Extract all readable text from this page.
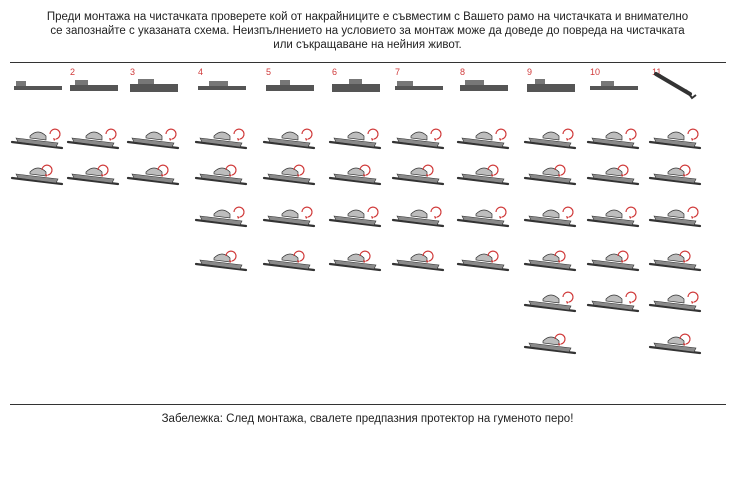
Преди монтажа на чистачката проверете кой от накрайниците е съвместим с Вашето рамо на чистачката и внимателно се запознайте с указаната схема. Неизпълнението на условието за монтаж може да доведе до повреда на чистачката или съкращаване на нейния живот.
2	3	4	5	6	7	8	9	10	11
Забележка: След монтажа, свалете предпазния протектор на гуменото перо!
